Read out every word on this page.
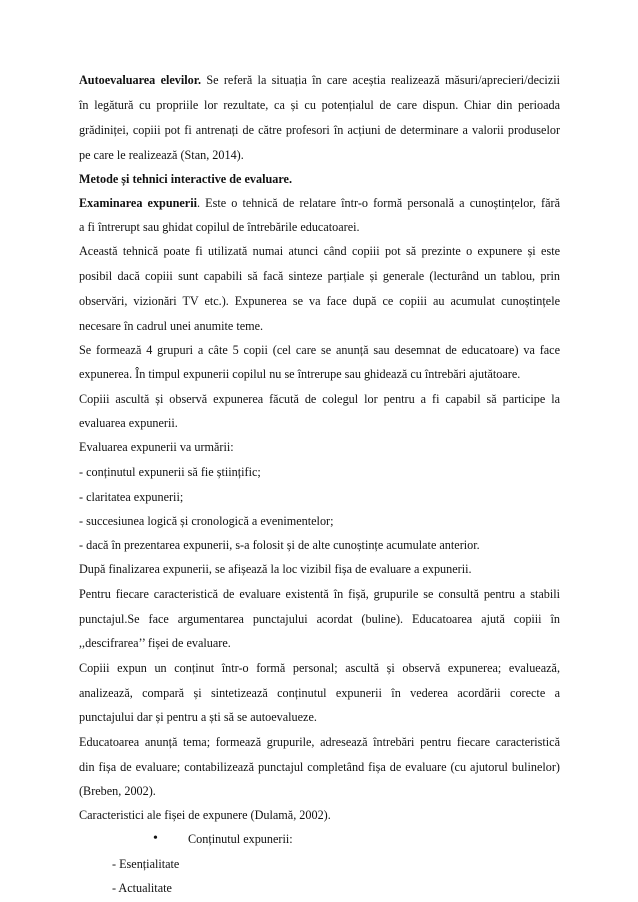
Autoevaluarea elevilor. Se referă la situația în care aceștia realizează măsuri/aprecieri/decizii
în legătură cu propriile lor rezultate, ca și cu potențialul de care dispun. Chiar din perioada
grădiniței, copiii pot fi antrenați de către profesori în acțiuni de determinare a valorii produselor
pe care le realizează (Stan, 2014).
Metode și tehnici interactive de evaluare.
Examinarea expunerii. Este o tehnică de relatare într-o formă personală a cunoștințelor, fără
a fi întrerupt sau ghidat copilul de întrebările educatoarei.
Această tehnică poate fi utilizată numai atunci când copiii pot să prezinte o expunere și este
posibil dacă copiii sunt capabili să facă sinteze parțiale și generale (lecturând un tablou, prin
observări, vizionări TV etc.). Expunerea se va face după ce copiii au acumulat cunoștințele
necesare în cadrul unei anumite teme.
Se formează 4 grupuri a câte 5 copii (cel care se anunță sau desemnat de educatoare) va face
expunerea. În timpul expunerii copilul nu se întrerupe sau ghidează cu întrebări ajutătoare.
Copiii ascultă și observă expunerea făcută de colegul lor pentru a fi capabil să participe la
evaluarea expunerii.
Evaluarea expunerii va urmării:
- conținutul expunerii să fie științific;
- claritatea expunerii;
- succesiunea logică și cronologică a evenimentelor;
- dacă în prezentarea expunerii, s-a folosit și de alte cunoștințe acumulate anterior.
După finalizarea expunerii, se afișează la loc vizibil fișa de evaluare a expunerii.
Pentru fiecare caracteristică de evaluare existentă în fișă, grupurile se consultă pentru a stabili
punctajul.Se face argumentarea punctajului acordat (buline). Educatoarea ajută copiii în
,,descifrarea’’ fișei de evaluare.
Copiii expun un conținut într-o formă personal; ascultă și observă expunerea; evaluează,
analizează, compară și sintetizează conținutul expunerii în vederea acordării corecte a
punctajului dar și pentru a ști să se autoevalueze.
Educatoarea anunță tema; formează grupurile, adresează întrebări pentru fiecare caracteristică
din fișa de evaluare; contabilizează punctajul completând fișa de evaluare (cu ajutorul bulinelor)
(Breben, 2002).
Caracteristici ale fișei de expunere (Dulamă, 2002).
• Conținutul expunerii:
- Esențialitate
- Actualitate
